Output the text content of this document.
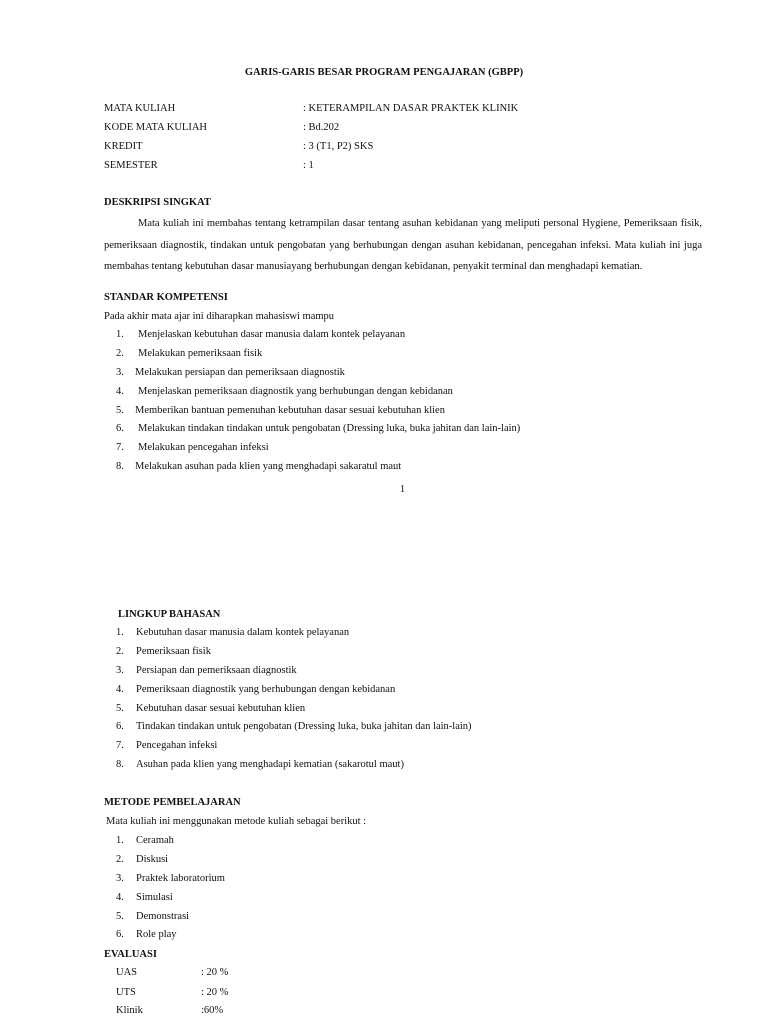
GARIS-GARIS BESAR PROGRAM PENGAJARAN (GBPP)
MATA KULIAH	: KETERAMPILAN DASAR PRAKTEK KLINIK
KODE MATA KULIAH	: Bd.202
KREDIT	: 3 (T1, P2) SKS
SEMESTER	: 1
DESKRIPSI SINGKAT
Mata kuliah ini membahas tentang ketrampilan dasar tentang asuhan kebidanan yang meliputi personal Hygiene, Pemeriksaan fisik, pemeriksaan diagnostik, tindakan untuk pengobatan yang berhubungan dengan asuhan kebidanan, pencegahan infeksi. Mata kuliah ini juga membahas tentang kebutuhan dasar manusiayang berhubungan dengan kebidanan, penyakit terminal dan menghadapi kematian.
STANDAR KOMPETENSI
Pada akhir mata ajar ini diharapkan mahasiswi mampu
1. Menjelaskan kebutuhan dasar manusia dalam kontek pelayanan
2. Melakukan pemeriksaan fisik
3. Melakukan persiapan dan pemeriksaan diagnostik
4. Menjelaskan pemeriksaan diagnostik yang berhubungan dengan kebidanan
5. Memberikan bantuan pemenuhan kebutuhan dasar sesuai kebutuhan klien
6. Melakukan tindakan tindakan untuk pengobatan (Dressing luka, buka jahitan dan lain-lain)
7. Melakukan pencegahan infeksi
8. Melakukan asuhan pada klien yang menghadapi sakaratul maut
1
LINGKUP BAHASAN
1. Kebutuhan dasar manusia dalam kontek pelayanan
2. Pemeriksaan fisik
3. Persiapan dan pemeriksaan diagnostik
4. Pemeriksaan diagnostik yang berhubungan dengan kebidanan
5. Kebutuhan dasar sesuai kebutuhan klien
6. Tindakan tindakan untuk pengobatan (Dressing luka, buka jahitan dan lain-lain)
7. Pencegahan infeksi
8. Asuhan pada klien yang menghadapi kematian (sakarotul maut)
METODE PEMBELAJARAN
Mata kuliah ini menggunakan metode kuliah sebagai berikut :
1. Ceramah
2. Diskusi
3. Praktek laboratorium
4. Simulasi
5. Demonstrasi
6. Role play
EVALUASI
UAS	: 20 %
UTS	: 20 %
Klinik	:60%
